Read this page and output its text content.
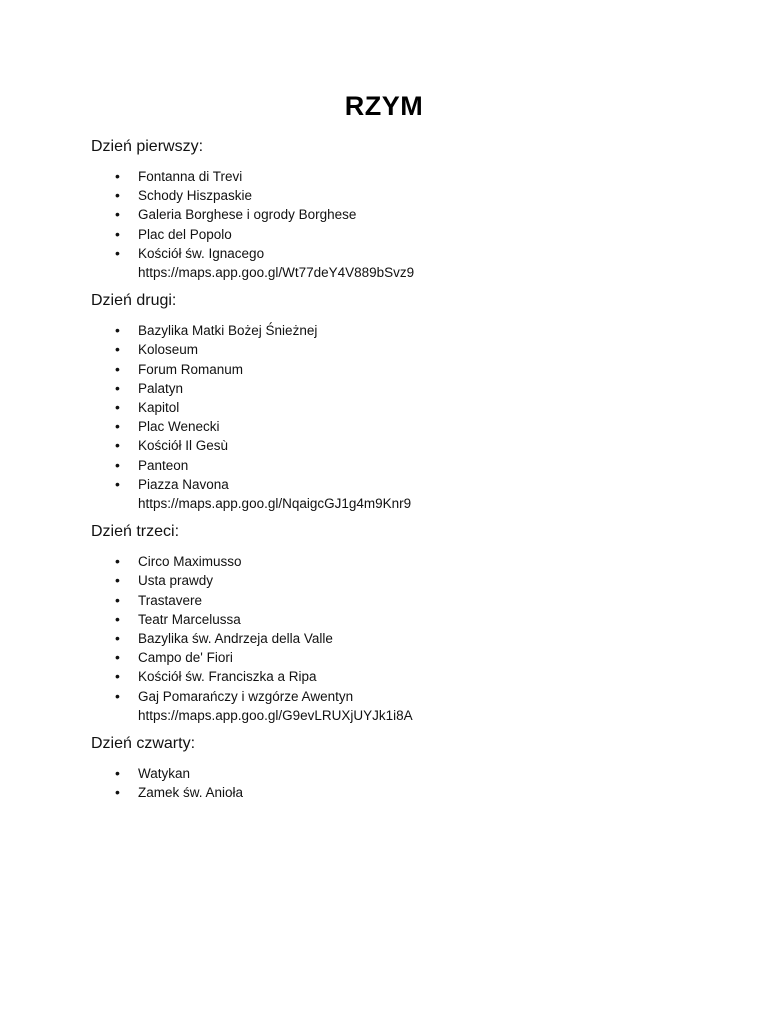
RZYM
Dzień pierwszy:
• Fontanna di Trevi
• Schody Hiszpaskie
• Galeria Borghese i ogrody Borghese
• Plac del Popolo
• Kościół św. Ignacego
https://maps.app.goo.gl/Wt77deY4V889bSvz9
Dzień drugi:
• Bazylika Matki Bożej Śnieżnej
• Koloseum
• Forum Romanum
• Palatyn
• Kapitol
• Plac Wenecki
• Kościół Il Gesù
• Panteon
• Piazza Navona
https://maps.app.goo.gl/NqaigcGJ1g4m9Knr9
Dzień trzeci:
• Circo Maximusso
• Usta prawdy
• Trastavere
• Teatr Marcelussa
• Bazylika św. Andrzeja della Valle
• Campo de' Fiori
• Kościół św. Franciszka a Ripa
• Gaj Pomarańczy i wzgórze Awentyn
https://maps.app.goo.gl/G9evLRUXjUYJk1i8A
Dzień czwarty:
• Watykan
• Zamek św. Anioła
